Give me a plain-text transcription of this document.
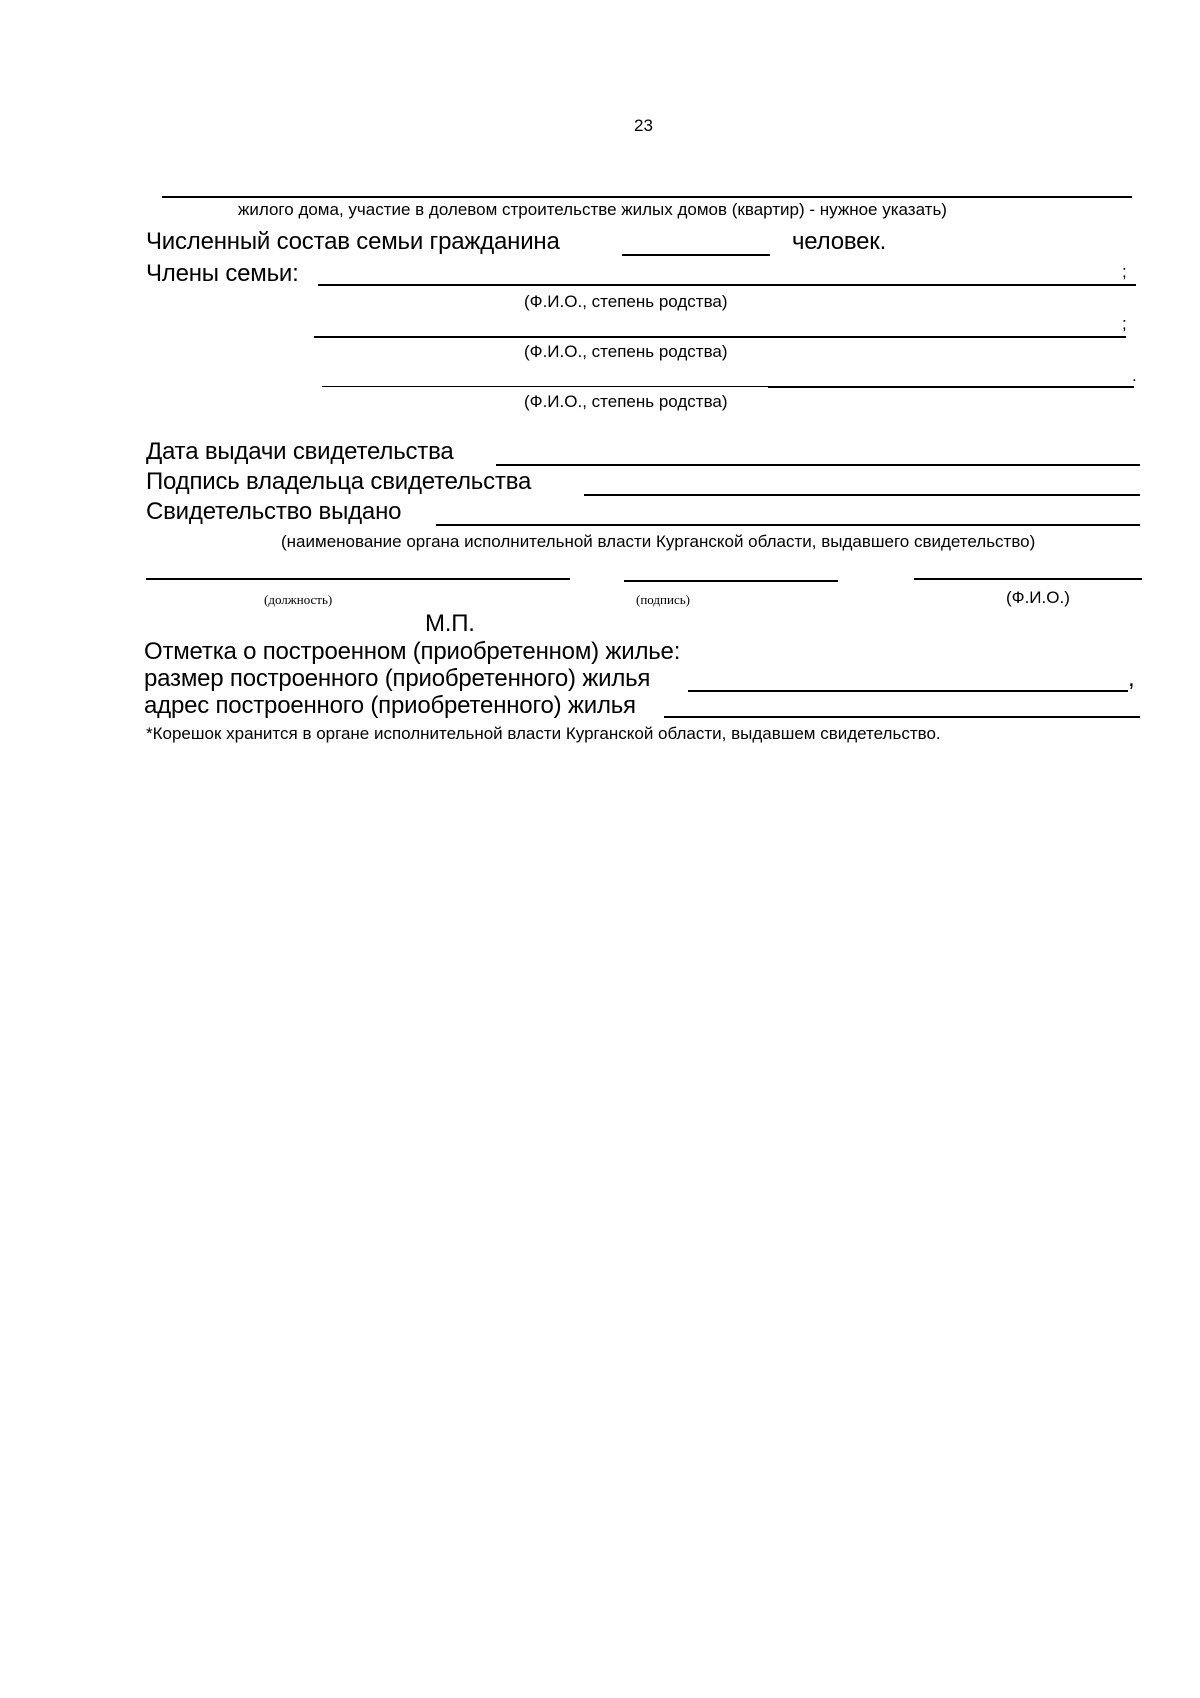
23
жилого дома, участие в долевом строительстве жилых домов (квартир) - нужное указать)
Численный состав семьи гражданина	человек.
Члены семьи:	;
(Ф.И.О., степень родства)
;
(Ф.И.О., степень родства)
.
(Ф.И.О., степень родства)
Дата выдачи свидетельства
Подпись владельца свидетельства
Свидетельство выдано
(наименование органа исполнительной власти Курганской области, выдавшего свидетельство)
(должность)	(подпись)	(Ф.И.О.)
М.П.
Отметка о построенном (приобретенном) жилье:
размер построенного (приобретенного) жилья	,
адрес построенного (приобретенного) жилья
*Корешок хранится в органе исполнительной власти Курганской области, выдавшем свидетельство.
